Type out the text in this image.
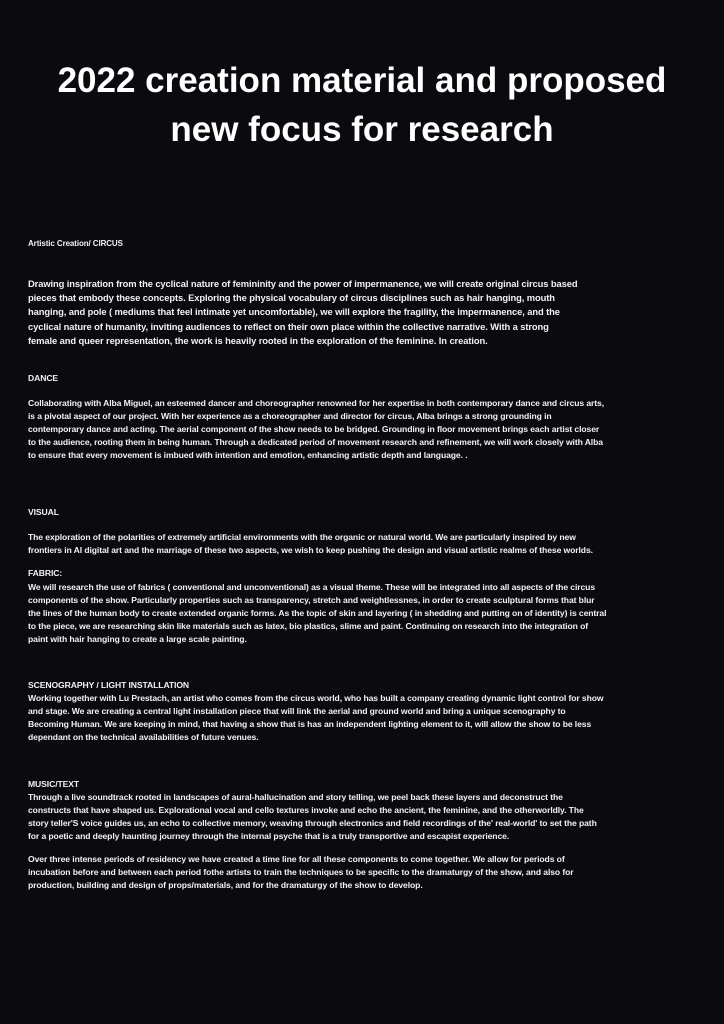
2022 creation material and proposed
new focus for research
Artistic Creation/ CIRCUS
Drawing inspiration from the cyclical nature of femininity and the power of impermanence, we will create original circus based
pieces that embody these concepts. Exploring the physical vocabulary of circus disciplines such as hair hanging, mouth
hanging, and pole ( mediums that feel intimate yet uncomfortable), we will explore the fragility, the impermanence, and the
cyclical nature of humanity, inviting audiences to reflect on their own place within the collective narrative. With a strong
female and queer representation, the work is heavily rooted in the exploration of the feminine. In creation.
DANCE
Collaborating with Alba Miguel, an esteemed dancer and choreographer renowned for her expertise in both contemporary dance and circus arts,
is a pivotal aspect of our project. With her experience as a choreographer and director for circus, Alba brings a strong grounding in
contemporary dance and acting. The aerial component of the show needs to be bridged. Grounding in floor movement brings each artist closer
to the audience, rooting them in being human. Through a dedicated period of movement research and refinement, we will work closely with Alba
to ensure that every movement is imbued with intention and emotion, enhancing artistic depth and language. .
VISUAL
The exploration of the polarities of extremely artificial environments with the organic or natural world. We are particularly inspired by new
frontiers in AI digital art and the marriage of these two aspects, we wish to keep pushing the design and visual artistic realms of these worlds.
FABRIC:
We will research the use of fabrics ( conventional and unconventional) as a visual theme. These will be integrated into all aspects of the circus
components of the show. Particularly properties such as transparency, stretch and weightlessnes, in order to create sculptural forms that blur
the lines of the human body to create extended organic forms. As the topic of skin and layering ( in shedding and putting on of identity) is central
to the piece, we are researching skin like materials such as latex, bio plastics, slime and paint. Continuing on research into the integration of
paint with hair hanging to create a large scale painting.
SCENOGRAPHY / LIGHT INSTALLATION
Working together with Lu Prestach, an artist who comes from the circus world, who has built a company creating dynamic light control for show
and stage. We are creating a central light installation piece that will link the aerial and ground world and bring a unique scenography to
Becoming Human. We are keeping in mind, that having a show that is has an independent lighting element to it, will allow the show to be less
dependant on the technical availabilities of future venues.
MUSIC/TEXT
Through a live soundtrack rooted in landscapes of aural-hallucination and story telling, we peel back these layers and deconstruct the
constructs that have shaped us. Explorational vocal and cello textures invoke and echo the ancient, the feminine, and the otherworldly. The
story teller'S voice guides us, an echo to collective memory, weaving through electronics and field recordings of the' real-world' to set the path
for a poetic and deeply haunting journey through the internal psyche that is a truly transportive and escapist experience.
Over three intense periods of residency we have created a time line for all these components to come together. We allow for periods of
incubation before and between each period fothe artists to train the techniques to be specific to the dramaturgy of the show, and also for
production, building and design of props/materials, and for the dramaturgy of the show to develop.
